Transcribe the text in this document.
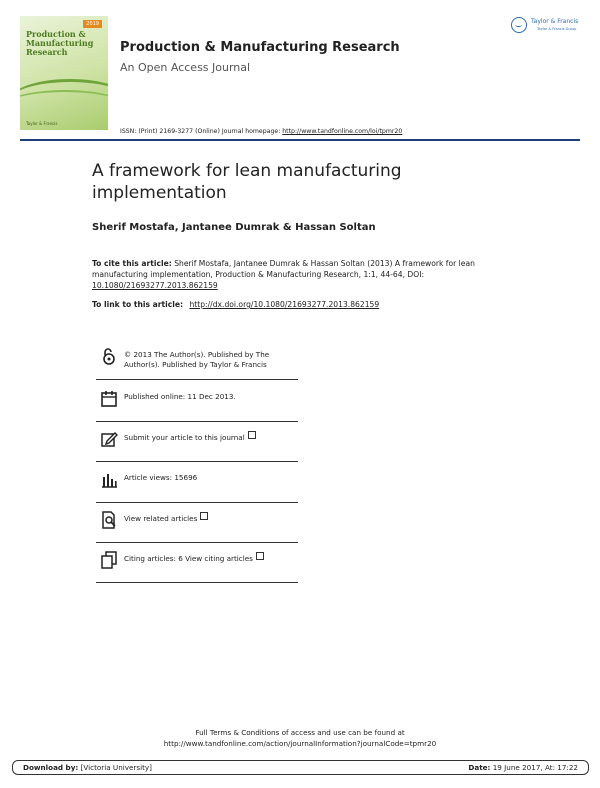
2019
Production & Manufacturing Research
Taylor & Francis
Production & Manufacturing Research
An Open Access Journal
Taylor & Francis
Taylor & Francis Group
ISSN: (Print) 2169-3277 (Online) Journal homepage: http://www.tandfonline.com/loi/tpmr20
A framework for lean manufacturing implementation
Sherif Mostafa, Jantanee Dumrak & Hassan Soltan
To cite this article: Sherif Mostafa, Jantanee Dumrak & Hassan Soltan (2013) A framework for lean manufacturing implementation, Production & Manufacturing Research, 1:1, 44-64, DOI: 10.1080/21693277.2013.862159
To link to this article: http://dx.doi.org/10.1080/21693277.2013.862159
© 2013 The Author(s). Published by The Author(s). Published by Taylor & Francis
Published online: 11 Dec 2013.
Submit your article to this journal
Article views: 15696
View related articles
Citing articles: 6 View citing articles
Full Terms & Conditions of access and use can be found at
http://www.tandfonline.com/action/journalInformation?journalCode=tpmr20
Download by: [Victoria University]	Date: 19 June 2017, At: 17:22
